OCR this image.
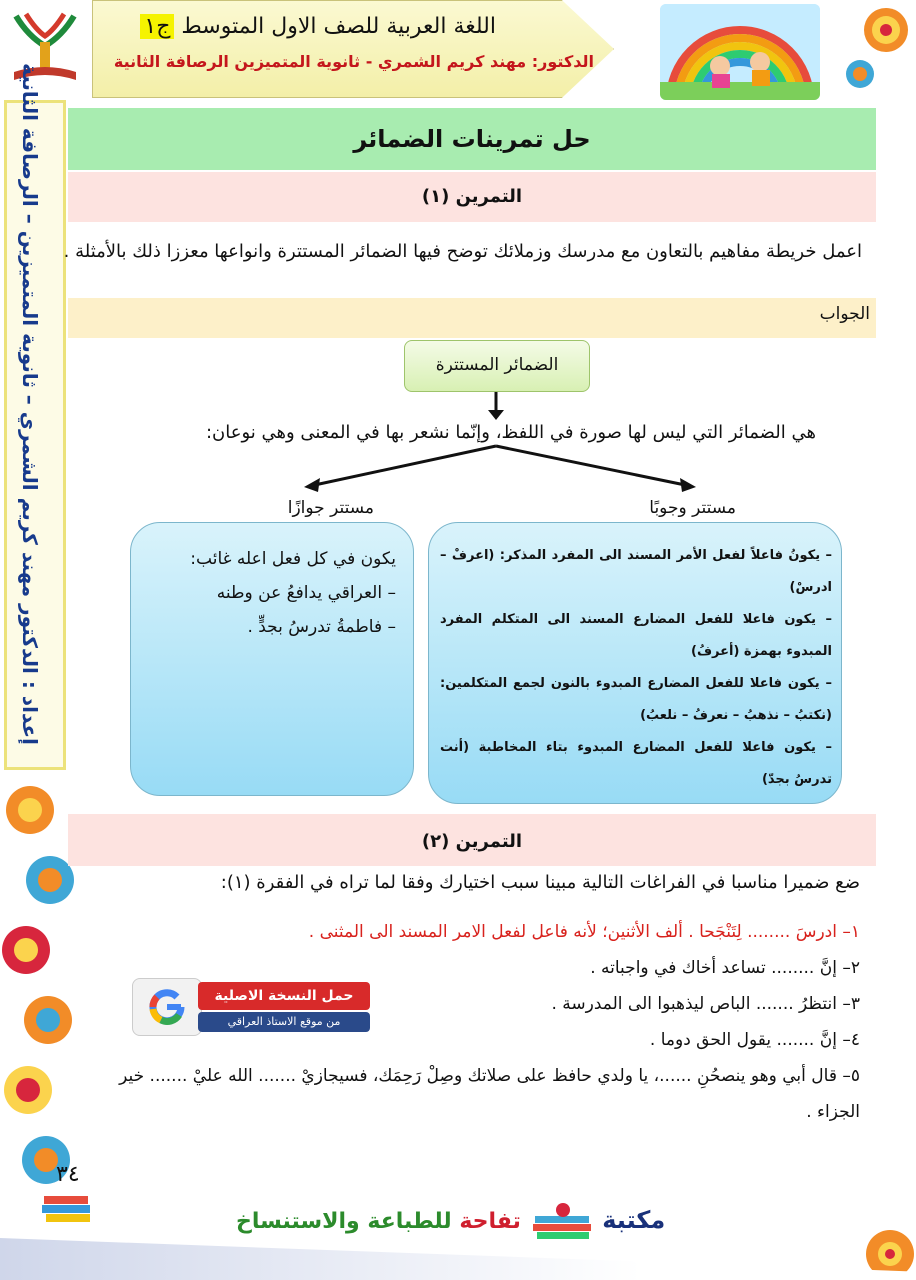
اللغة العربية للصف الاول المتوسط ج١
الدكتور: مهند كريم الشمري - ثانوية المتميزين الرصافة الثانية
إعداد : الدكتور مهند كريم الشمري – ثانوية المتميزين – الرصافة الثانية	حل تمرينات الضمائر
التمرين (١)
اعمل خريطة مفاهيم بالتعاون مع مدرسك وزملائك توضح فيها الضمائر المستترة وانواعها معززا ذلك بالأمثلة .
الجواب
الضمائر المستترة
هي الضمائر التي ليس لها صورة في اللفظ، وإنّما نشعر بها في المعنى وهي نوعان:
مستتر وجوبًا
مستتر جوازًا
– يكونُ فاعلاً لفعل الأمر المسند الى المفرد المذكر: (اعرفْ – ادرسْ)
– يكون فاعلا للفعل المضارع المسند الى المتكلم المفرد المبدوء بهمزة (أعرفُ)
– يكون فاعلا للفعل المضارع المبدوء بالنون لجمع المتكلمين: (نكتبُ – نذهبُ – نعرفُ – نلعبُ)
– يكون فاعلا للفعل المضارع المبدوء بتاء المخاطبة (أنت تدرسُ بجدّ)
يكون في كل فعل اعله غائب:
– العراقي يدافعُ عن وطنه
– فاطمةُ تدرسُ بجدٍّ .
التمرين (٢)
ضع ضميرا مناسبا في الفراغات التالية مبينا سبب اختيارك وفقا لما تراه في الفقرة (١):
١– ادرسَ ........ لِتَنْجَحا . ألف الأثنين؛ لأنه فاعل لفعل الامر المسند الى المثنى .
٢– إنَّ ........ تساعد أخاك في واجباته .
٣– انتظرُ ....... الباص ليذهبوا الى المدرسة .
٤– إنَّ ....... يقول الحق دوما .
٥– قال أبي وهو ينصحُنِ ......، يا ولدي حافظ على صلاتك وصِلْ رَحِمَك، فسيجازيْ ....... الله عليْ ....... خير الجزاء .
حمل النسخة الاصلية
من موقع الاستاذ العراقي
٣٤
مكتبة  تفاحة للطباعة والاستنساخ
